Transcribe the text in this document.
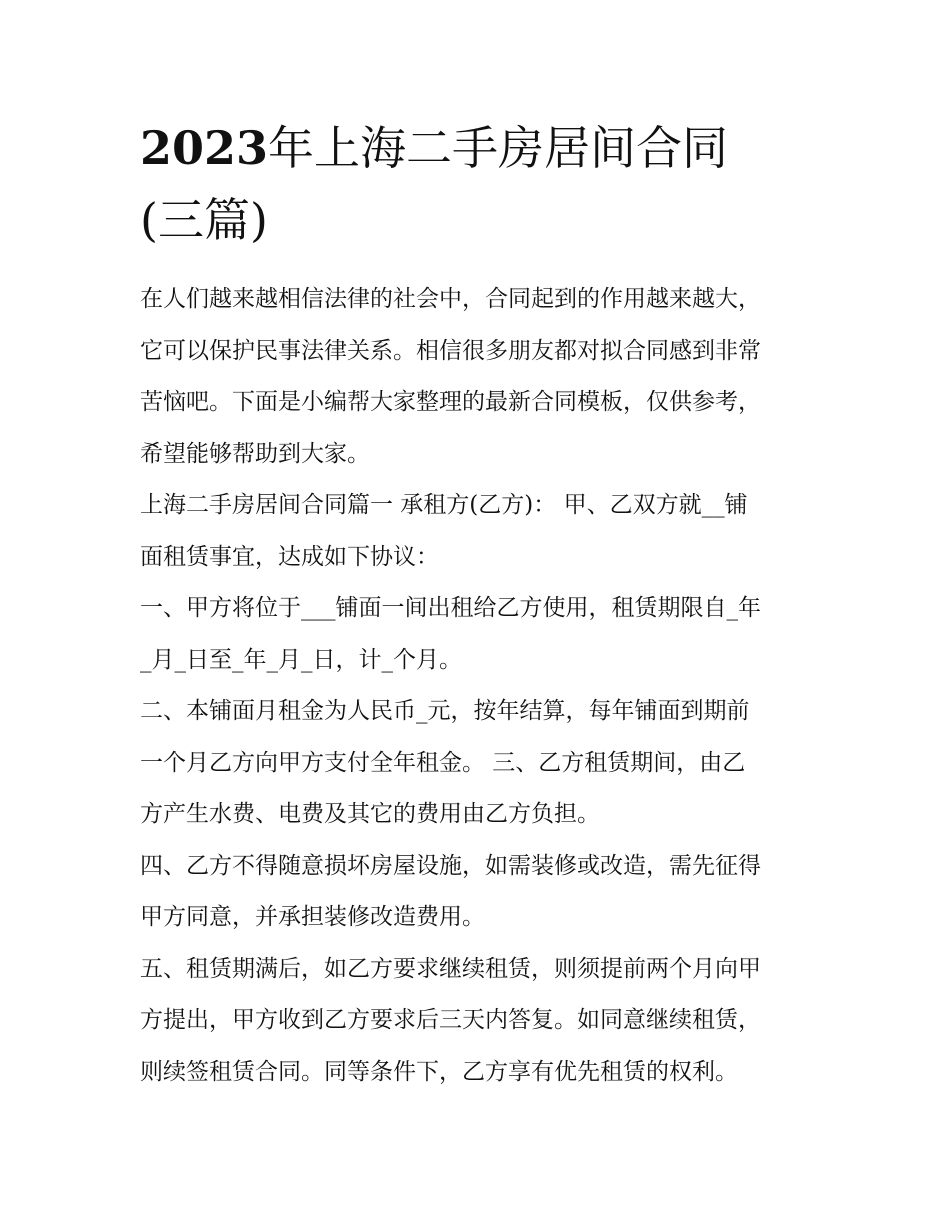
2023年上海二手房居间合同
(三篇)

在人们越来越相信法律的社会中，合同起到的作用越来越大，
它可以保护民事法律关系。相信很多朋友都对拟合同感到非常
苦恼吧。下面是小编帮大家整理的最新合同模板，仅供参考，
希望能够帮助到大家。

上海二手房居间合同篇一 承租方(乙方)： 甲、乙双方就__铺
面租赁事宜，达成如下协议：

一、甲方将位于___铺面一间出租给乙方使用，租赁期限自_年
_月_日至_年_月_日，计_个月。

二、本铺面月租金为人民币_元，按年结算，每年铺面到期前
一个月乙方向甲方支付全年租金。 三、乙方租赁期间，由乙
方产生水费、电费及其它的费用由乙方负担。

四、乙方不得随意损坏房屋设施，如需装修或改造，需先征得
甲方同意，并承担装修改造费用。

五、租赁期满后，如乙方要求继续租赁，则须提前两个月向甲
方提出，甲方收到乙方要求后三天内答复。如同意继续租赁，
则续签租赁合同。同等条件下，乙方享有优先租赁的权利。
